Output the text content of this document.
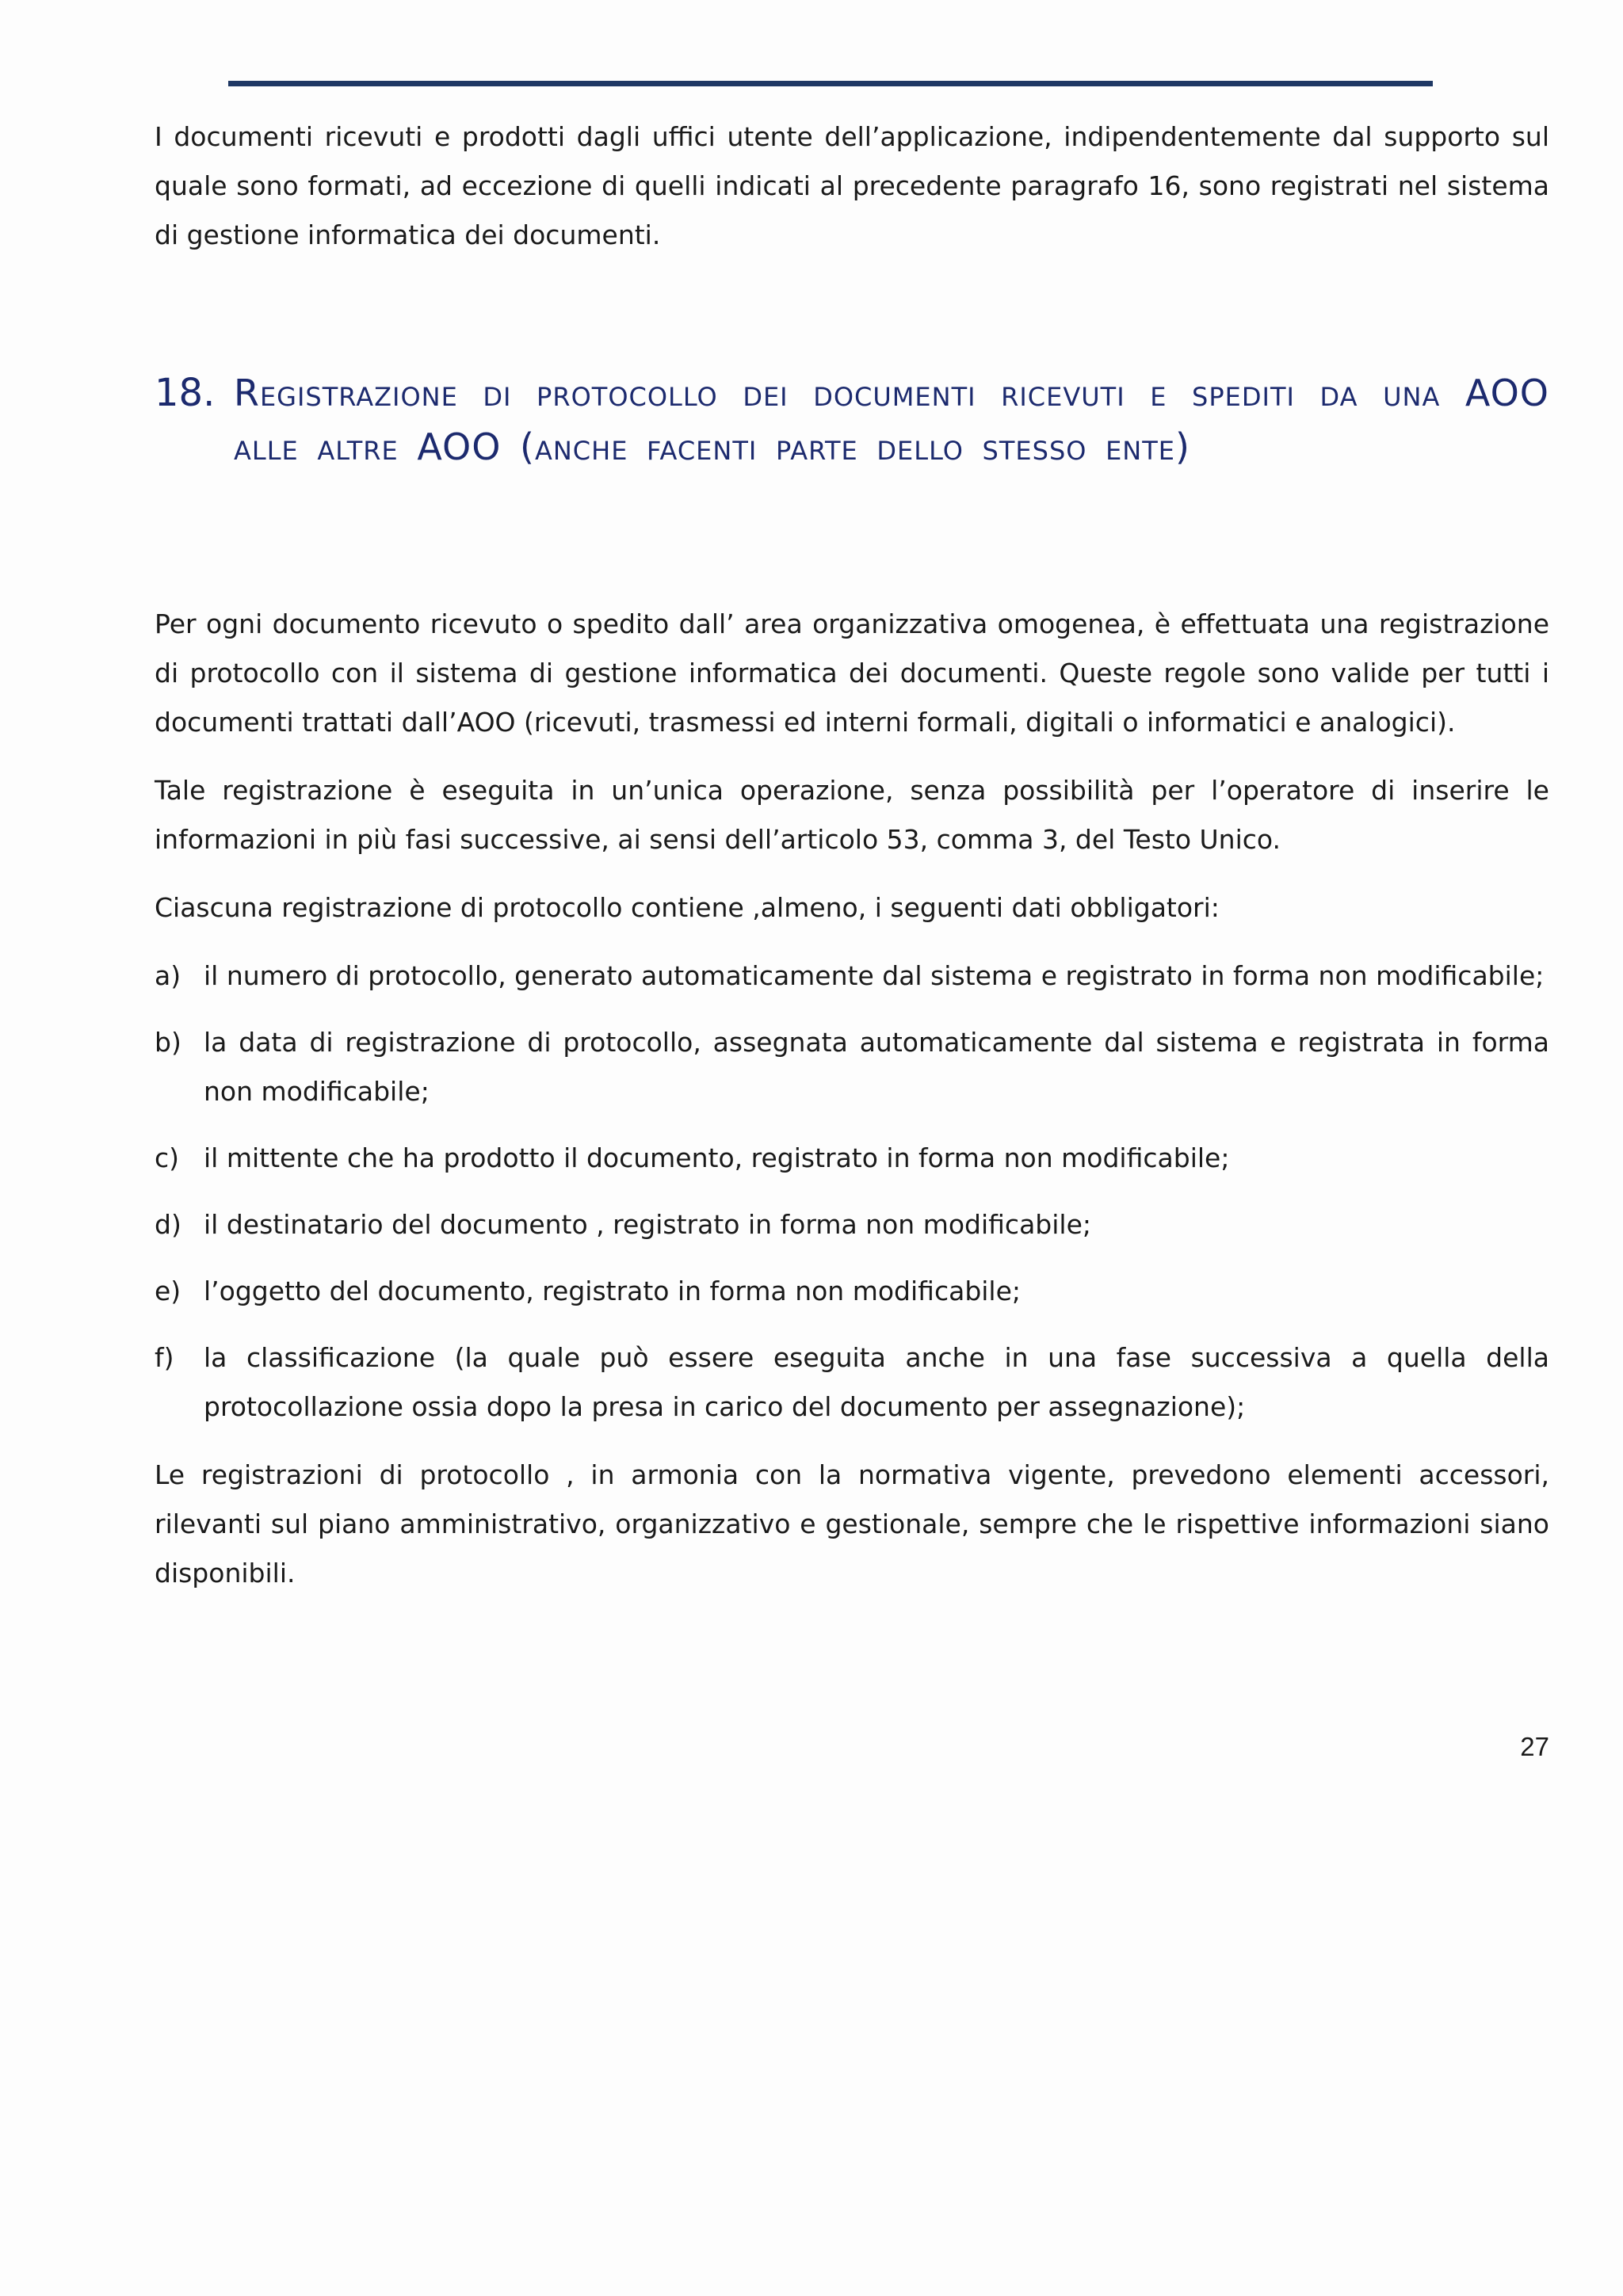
I documenti ricevuti e prodotti dagli uffici utente dell’applicazione, indipendentemente dal supporto sul quale sono formati, ad eccezione di quelli indicati al precedente paragrafo 16, sono registrati nel sistema di gestione informatica dei documenti.

18. Registrazione di protocollo dei documenti ricevuti e spediti da una AOO alle altre AOO (anche facenti parte dello stesso ente)

Per ogni documento ricevuto o spedito dall’ area organizzativa omogenea, è effettuata una registrazione di protocollo con il sistema di gestione informatica dei documenti. Queste regole sono valide per tutti i documenti trattati dall’AOO (ricevuti, trasmessi ed interni formali, digitali o informatici e analogici).

Tale registrazione è eseguita in un’unica operazione, senza possibilità per l’operatore di inserire le informazioni in più fasi successive, ai sensi dell’articolo 53, comma 3, del Testo Unico.

Ciascuna registrazione di protocollo contiene ,almeno, i seguenti dati obbligatori:

a) il numero di protocollo, generato automaticamente dal sistema e registrato in forma non modificabile;
b) la data di registrazione di protocollo, assegnata automaticamente dal sistema e registrata in forma non modificabile;
c) il mittente che ha prodotto il documento, registrato in forma non modificabile;
d) il destinatario del documento , registrato in forma non modificabile;
e) l’oggetto del documento, registrato in forma non modificabile;
f) la classificazione (la quale può essere eseguita anche in una fase successiva a quella della protocollazione ossia dopo la presa in carico del documento per assegnazione);

Le registrazioni di protocollo , in armonia con la normativa vigente, prevedono elementi accessori, rilevanti sul piano amministrativo, organizzativo e gestionale, sempre che le rispettive informazioni siano disponibili.

27
